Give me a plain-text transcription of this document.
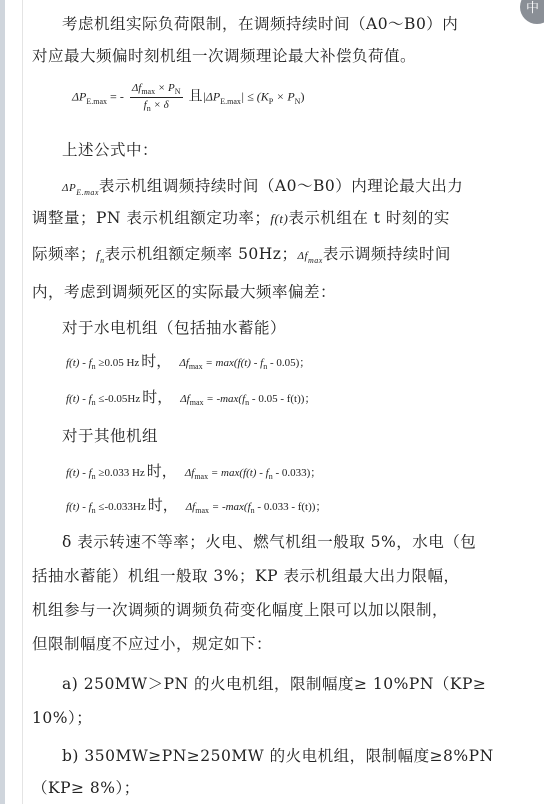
中
考虑机组实际负荷限制，在调频持续时间（A0～B0）内
对应最大频偏时刻机组一次调频理论最大补偿负荷值。
$\Delta P_{E.max}$ = - $\frac{\Delta f_{max} \times P_N}{f_n \times \delta}$ 且$|\Delta P_{E.max}| \le (K_P \times P_N)$
上述公式中：
$\Delta P_{E.max}$表示机组调频持续时间（A0～B0）内理论最大出力
调整量；PN 表示机组额定功率；f(t)表示机组在 t 时刻的实
际频率；$f_n$表示机组额定频率 50Hz；$\Delta f_{max}$表示调频持续时间
内，考虑到调频死区的实际最大频率偏差：
对于水电机组（包括抽水蓄能）
$f(t) - f_n \ge 0.05$ Hz 时， $\Delta f_{max} = \max(f(t) - f_n - 0.05)$；
$f(t) - f_n \le-0.05Hz$ 时， $\Delta f_{max} = -\max(f_n - 0.05 - f(t))$；
对于其他机组
$f(t) - f_n \ge 0.033$ Hz 时， $\Delta f_{max} = \max(f(t) - f_n - 0.033)$；
$f(t) - f_n \le-0.033Hz$ 时， $\Delta f_{max} = -\max(f_n - 0.033 - f(t))$；
δ 表示转速不等率；火电、燃气机组一般取 5%，水电（包
括抽水蓄能）机组一般取 3%；KP 表示机组最大出力限幅，
机组参与一次调频的调频负荷变化幅度上限可以加以限制，
但限制幅度不应过小，规定如下：
a) 250MW＞PN 的火电机组，限制幅度≥ 10%PN（KP≥
10%）；
b) 350MW≥PN≥250MW 的火电机组，限制幅度≥8%PN
（KP≥ 8%）；
